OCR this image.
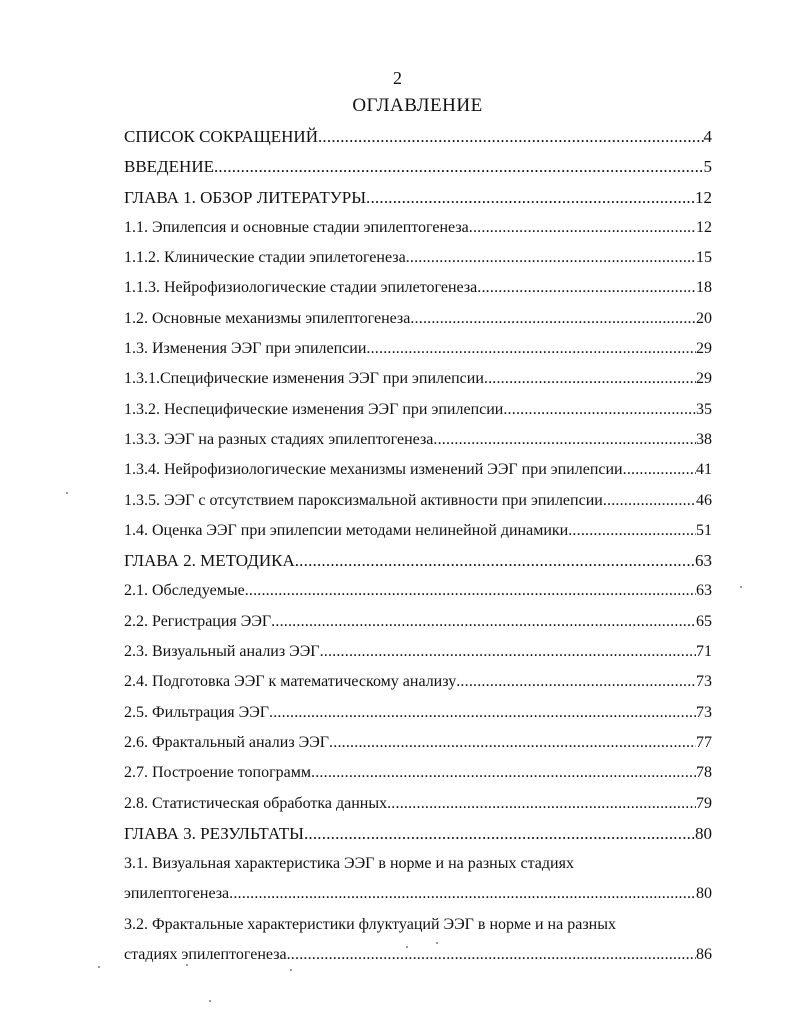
2
ОГЛАВЛЕНИЕ
СПИСОК СОКРАЩЕНИЙ .....	4
ВВЕДЕНИЕ .....	5
ГЛАВА 1. ОБЗОР ЛИТЕРАТУРЫ .....	12
1.1. Эпилепсия и основные стадии эпилептогенеза .....	12
1.1.2. Клинические стадии эпилетогенеза .....	15
1.1.3. Нейрофизиологические стадии эпилетогенеза .....	18
1.2. Основные механизмы эпилептогенеза .....	20
1.3. Изменения ЭЭГ при эпилепсии .....	29
1.3.1.Специфические изменения ЭЭГ при эпилепсии .....	29
1.3.2. Неспецифические изменения ЭЭГ при эпилепсии .....	35
1.3.3. ЭЭГ на разных стадиях эпилептогенеза .....	38
1.3.4. Нейрофизиологические механизмы изменений ЭЭГ при эпилепсии .....	41
1.3.5. ЭЭГ с отсутствием пароксизмальной активности при эпилепсии .....	46
1.4. Оценка ЭЭГ при эпилепсии методами нелинейной динамики .....	51
ГЛАВА 2. МЕТОДИКА .....	63
2.1. Обследуемые .....	63
2.2. Регистрация ЭЭГ .....	65
2.3. Визуальный анализ ЭЭГ .....	71
2.4. Подготовка ЭЭГ к математическому анализу .....	73
2.5. Фильтрация ЭЭГ .....	73
2.6. Фрактальный анализ ЭЭГ .....	77
2.7. Построение топограмм .....	78
2.8. Статистическая обработка данных .....	79
ГЛАВА 3. РЕЗУЛЬТАТЫ .....	80
3.1. Визуальная характеристика ЭЭГ в норме и на разных стадиях
эпилептогенеза .....	80
3.2. Фрактальные характеристики флуктуаций ЭЭГ в норме и на разных
стадиях эпилептогенеза .....	86
